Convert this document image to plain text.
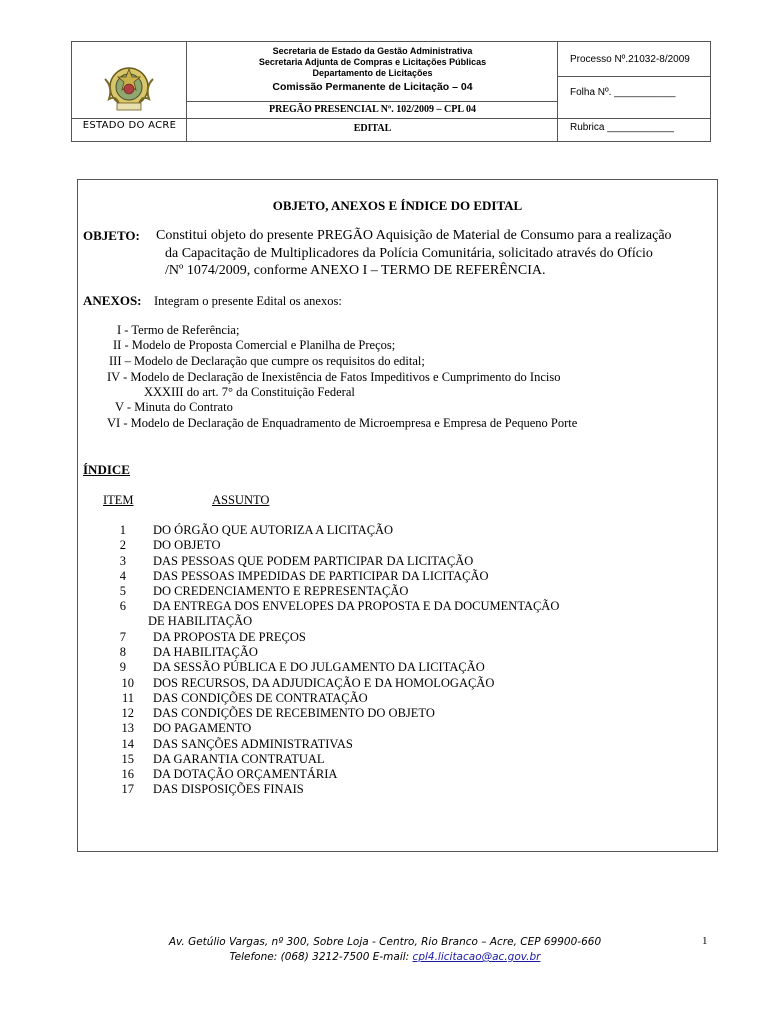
ESTADO DO ACRE
Secretaria de Estado da Gestão Administrativa
Secretaria Adjunta de Compras e Licitações Públicas
Departamento de Licitações
Comissão Permanente de Licitação – 04
PREGÃO PRESENCIAL Nº. 102/2009 – CPL 04
EDITAL
Processo Nº.21032-8/2009
Folha Nº. ___________
Rubrica ____________
OBJETO, ANEXOS E ÍNDICE DO EDITAL
OBJETO: Constitui objeto do presente PREGÃO Aquisição de Material de Consumo para a realização
da Capacitação de Multiplicadores da Polícia Comunitária, solicitado através do Ofício
/Nº 1074/2009, conforme ANEXO I – TERMO DE REFERÊNCIA.
ANEXOS: Integram o presente Edital os anexos:
I - Termo de Referência;
II - Modelo de Proposta Comercial e Planilha de Preços;
III – Modelo de Declaração que cumpre os requisitos do edital;
IV - Modelo de Declaração de Inexistência de Fatos Impeditivos e Cumprimento do Inciso
XXXIII do art. 7° da Constituição Federal
V - Minuta do Contrato
VI - Modelo de Declaração de Enquadramento de Microempresa e Empresa de Pequeno Porte
ÍNDICE
ITEM	ASSUNTO
1 DO ÓRGÃO QUE AUTORIZA A LICITAÇÃO
2 DO OBJETO
3 DAS PESSOAS QUE PODEM PARTICIPAR DA LICITAÇÃO
4 DAS PESSOAS IMPEDIDAS DE PARTICIPAR DA LICITAÇÃO
5 DO CREDENCIAMENTO E REPRESENTAÇÃO
6 DA ENTREGA DOS ENVELOPES DA PROPOSTA E DA DOCUMENTAÇÃO
DE HABILITAÇÃO
7 DA PROPOSTA DE PREÇOS
8 DA HABILITAÇÃO
9 DA SESSÃO PÚBLICA E DO JULGAMENTO DA LICITAÇÃO
10 DOS RECURSOS, DA ADJUDICAÇÃO E DA HOMOLOGAÇÃO
11 DAS CONDIÇÕES DE CONTRATAÇÃO
12 DAS CONDIÇÕES DE RECEBIMENTO DO OBJETO
13 DO PAGAMENTO
14 DAS SANÇÕES ADMINISTRATIVAS
15 DA GARANTIA CONTRATUAL
16 DA DOTAÇÃO ORÇAMENTÁRIA
17 DAS DISPOSIÇÕES FINAIS
Av. Getúlio Vargas, nº 300, Sobre Loja - Centro, Rio Branco – Acre, CEP 69900-660
Telefone: (068) 3212-7500 E-mail: cpl4.licitacao@ac.gov.br
1
